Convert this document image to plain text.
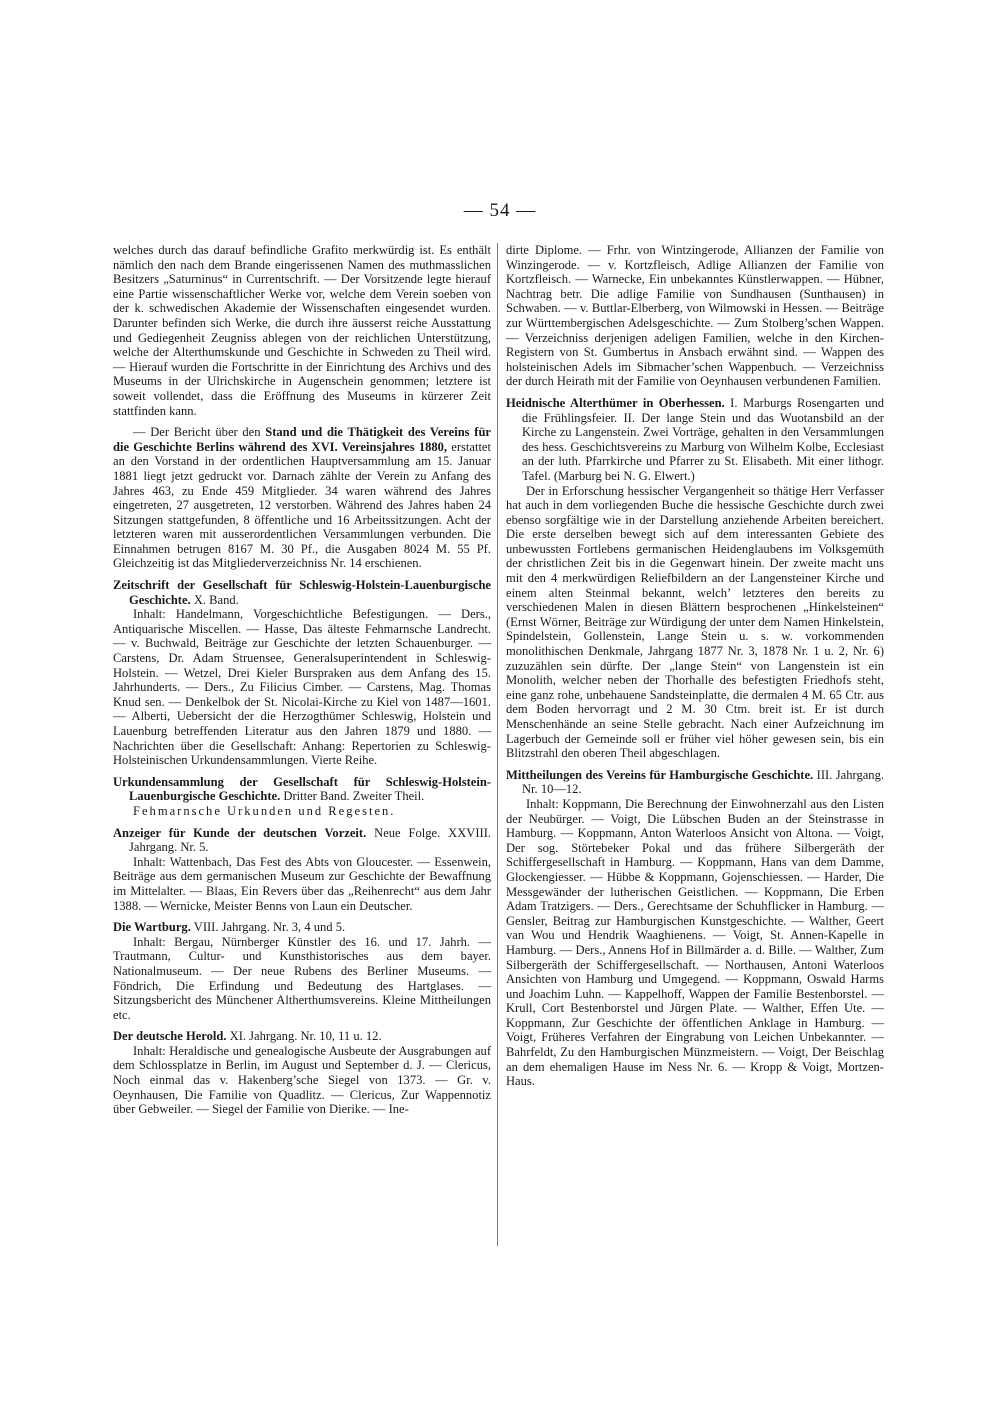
— 54 —

welches durch das darauf befindliche Grafito merkwürdig ist. Es enthält nämlich den nach dem Brande eingerissenen Namen des muthmasslichen Besitzers „Saturninus“ in Currentschrift. — Der Vorsitzende legte hierauf eine Partie wissenschaftlicher Werke vor, welche dem Verein soeben von der k. schwedischen Akademie der Wissenschaften eingesendet wurden. Darunter befinden sich Werke, die durch ihre äusserst reiche Ausstattung und Gediegenheit Zeugniss ablegen von der reichlichen Unterstützung, welche der Alterthumskunde und Geschichte in Schweden zu Theil wird. — Hierauf wurden die Fortschritte in der Einrichtung des Archivs und des Museums in der Ulrichskirche in Augenschein genommen; letztere ist soweit vollendet, dass die Eröffnung des Museums in kürzerer Zeit stattfinden kann.

— Der Bericht über den Stand und die Thätigkeit des Vereins für die Geschichte Berlins während des XVI. Vereinsjahres 1880, erstattet an den Vorstand in der ordentlichen Hauptversammlung am 15. Januar 1881 liegt jetzt gedruckt vor. Darnach zählte der Verein zu Anfang des Jahres 463, zu Ende 459 Mitglieder. 34 waren während des Jahres eingetreten, 27 ausgetreten, 12 verstorben. Während des Jahres haben 24 Sitzungen stattgefunden, 8 öffentliche und 16 Arbeitssitzungen. Acht der letzteren waren mit ausserordentlichen Versammlungen verbunden. Die Einnahmen betrugen 8167 M. 30 Pf., die Ausgaben 8024 M. 55 Pf. Gleichzeitig ist das Mitgliederverzeichniss Nr. 14 erschienen.

Zeitschrift der Gesellschaft für Schleswig-Holstein-Lauenburgische Geschichte. X. Band.

Inhalt: Handelmann, Vorgeschichtliche Befestigungen. — Ders., Antiquarische Miscellen. — Hasse, Das älteste Fehmarnsche Landrecht. — v. Buchwald, Beiträge zur Geschichte der letzten Schauenburger. — Carstens, Dr. Adam Struensee, Generalsuperintendent in Schleswig-Holstein. — Wetzel, Drei Kieler Burspraken aus dem Anfang des 15. Jahrhunderts. — Ders., Zu Filicius Cimber. — Carstens, Mag. Thomas Knud sen. — Denkelbok der St. Nicolai-Kirche zu Kiel von 1487—1601. — Alberti, Uebersicht der die Herzogthümer Schleswig, Holstein und Lauenburg betreffenden Literatur aus den Jahren 1879 und 1880. — Nachrichten über die Gesellschaft: Anhang: Repertorien zu Schleswig-Holsteinischen Urkundensammlungen. Vierte Reihe.

Urkundensammlung der Gesellschaft für Schleswig-Holstein-Lauenburgische Geschichte. Dritter Band. Zweiter Theil.

Fehmarnsche Urkunden und Regesten.

Anzeiger für Kunde der deutschen Vorzeit. Neue Folge. XXVIII. Jahrgang. Nr. 5.

Inhalt: Wattenbach, Das Fest des Abts von Gloucester. — Essenwein, Beiträge aus dem germanischen Museum zur Geschichte der Bewaffnung im Mittelalter. — Blaas, Ein Revers über das „Reihenrecht“ aus dem Jahr 1388. — Wernicke, Meister Benns von Laun ein Deutscher.

Die Wartburg. VIII. Jahrgang. Nr. 3, 4 und 5.

Inhalt: Bergau, Nürnberger Künstler des 16. und 17. Jahrh. — Trautmann, Cultur- und Kunsthistorisches aus dem bayer. Nationalmuseum. — Der neue Rubens des Berliner Museums. — Föndrich, Die Erfindung und Bedeutung des Hartglases. — Sitzungsbericht des Münchener Altherthumsvereins. Kleine Mittheilungen etc.

Der deutsche Herold. XI. Jahrgang. Nr. 10, 11 u. 12.

Inhalt: Heraldische und genealogische Ausbeute der Ausgrabungen auf dem Schlossplatze in Berlin, im August und September d. J. — Clericus, Noch einmal das v. Hakenberg’sche Siegel von 1373. — Gr. v. Oeynhausen, Die Familie von Quadlitz. — Clericus, Zur Wappennotiz über Gebweiler. — Siegel der Familie von Dierike. — Ine-

dirte Diplome. — Frhr. von Wintzingerode, Allianzen der Familie von Winzingerode. — v. Kortzfleisch, Adlige Allianzen der Familie von Kortzfleisch. — Warnecke, Ein unbekanntes Künstlerwappen. — Hübner, Nachtrag betr. Die adlige Familie von Sundhausen (Sunthausen) in Schwaben. — v. Buttlar-Elberberg, von Wilmowski in Hessen. — Beiträge zur Württembergischen Adelsgeschichte. — Zum Stolberg’schen Wappen. — Verzeichniss derjenigen adeligen Familien, welche in den Kirchen-Registern von St. Gumbertus in Ansbach erwähnt sind. — Wappen des holsteinischen Adels im Sibmacher’schen Wappenbuch. — Verzeichniss der durch Heirath mit der Familie von Oeynhausen verbundenen Familien.

Heidnische Alterthümer in Oberhessen. I. Marburgs Rosengarten und die Frühlingsfeier. II. Der lange Stein und das Wuotansbild an der Kirche zu Langenstein. Zwei Vorträge, gehalten in den Versammlungen des hess. Geschichtsvereins zu Marburg von Wilhelm Kolbe, Ecclesiast an der luth. Pfarrkirche und Pfarrer zu St. Elisabeth. Mit einer lithogr. Tafel. (Marburg bei N. G. Elwert.)

Der in Erforschung hessischer Vergangenheit so thätige Herr Verfasser hat auch in dem vorliegenden Buche die hessische Geschichte durch zwei ebenso sorgfältige wie in der Darstellung anziehende Arbeiten bereichert. Die erste derselben bewegt sich auf dem interessanten Gebiete des unbewussten Fortlebens germanischen Heidenglaubens im Volksgemüth der christlichen Zeit bis in die Gegenwart hinein. Der zweite macht uns mit den 4 merkwürdigen Reliefbildern an der Langensteiner Kirche und einem alten Steinmal bekannt, welch’ letzteres den bereits zu verschiedenen Malen in diesen Blättern besprochenen „Hinkelsteinen“ (Ernst Wörner, Beiträge zur Würdigung der unter dem Namen Hinkelstein, Spindelstein, Gollenstein, Lange Stein u. s. w. vorkommenden monolithischen Denkmale, Jahrgang 1877 Nr. 3, 1878 Nr. 1 u. 2, Nr. 6) zuzuzählen sein dürfte. Der „lange Stein“ von Langenstein ist ein Monolith, welcher neben der Thorhalle des befestigten Friedhofs steht, eine ganz rohe, unbehauene Sandsteinplatte, die dermalen 4 M. 65 Ctr. aus dem Boden hervorragt und 2 M. 30 Ctm. breit ist. Er ist durch Menschenhände an seine Stelle gebracht. Nach einer Aufzeichnung im Lagerbuch der Gemeinde soll er früher viel höher gewesen sein, bis ein Blitzstrahl den oberen Theil abgeschlagen.

Mittheilungen des Vereins für Hamburgische Geschichte. III. Jahrgang. Nr. 10—12.

Inhalt: Koppmann, Die Berechnung der Einwohnerzahl aus den Listen der Neubürger. — Voigt, Die Lübschen Buden an der Steinstrasse in Hamburg. — Koppmann, Anton Waterloos Ansicht von Altona. — Voigt, Der sog. Störtebeker Pokal und das frühere Silbergeräth der Schiffergesellschaft in Hamburg. — Koppmann, Hans van dem Damme, Glockengiesser. — Hübbe & Koppmann, Gojenschiessen. — Harder, Die Messgewänder der lutherischen Geistlichen. — Koppmann, Die Erben Adam Tratzigers. — Ders., Gerechtsame der Schuhflicker in Hamburg. — Gensler, Beitrag zur Hamburgischen Kunstgeschichte. — Walther, Geert van Wou und Hendrik Waaghienens. — Voigt, St. Annen-Kapelle in Hamburg. — Ders., Annens Hof in Billmärder a. d. Bille. — Walther, Zum Silbergeräth der Schiffergesellschaft. — Northausen, Antoni Waterloos Ansichten von Hamburg und Umgegend. — Koppmann, Oswald Harms und Joachim Luhn. — Kappelhoff, Wappen der Familie Bestenborstel. — Krull, Cort Bestenborstel und Jürgen Plate. — Walther, Effen Ute. — Koppmann, Zur Geschichte der öffentlichen Anklage in Hamburg. — Voigt, Früheres Verfahren der Eingrabung von Leichen Unbekannter. — Bahrfeldt, Zu den Hamburgischen Münzmeistern. — Voigt, Der Beischlag an dem ehemaligen Hause im Ness Nr. 6. — Kropp & Voigt, Mortzen-Haus.
